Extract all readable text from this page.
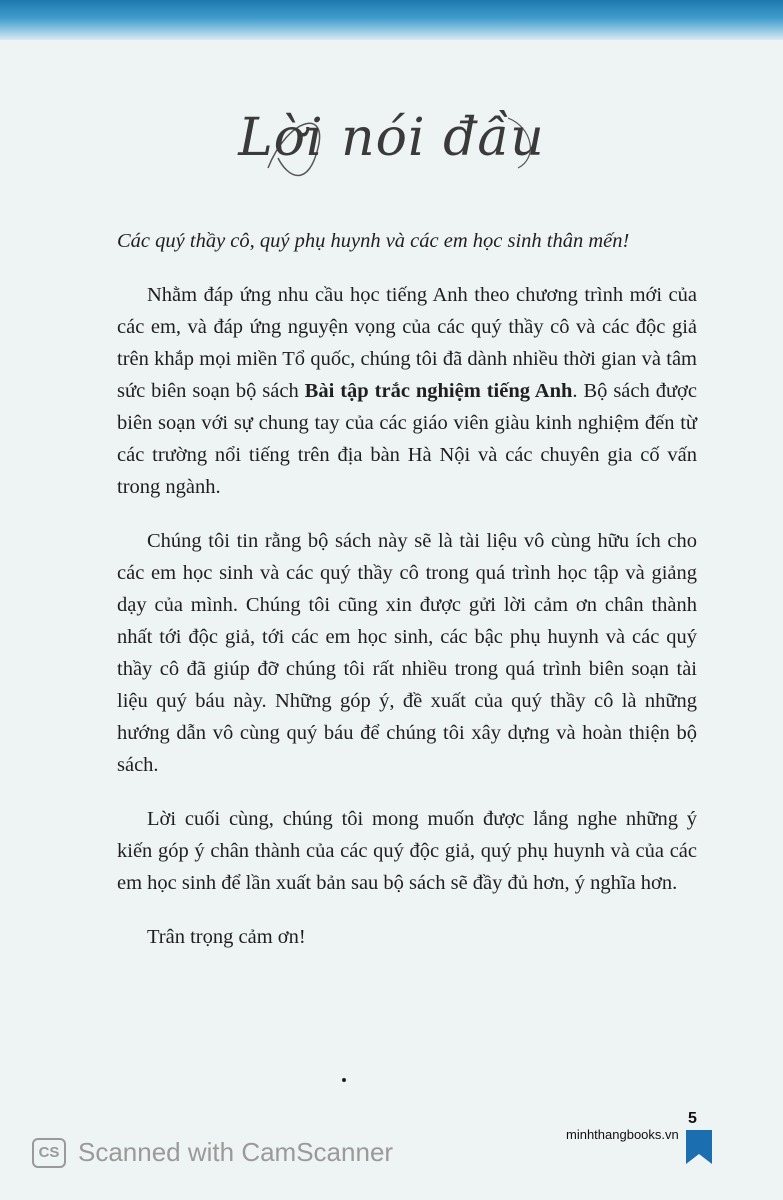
Lời nói đầu

Các quý thầy cô, quý phụ huynh và các em học sinh thân mến!

Nhằm đáp ứng nhu cầu học tiếng Anh theo chương trình mới của các em, và đáp ứng nguyện vọng của các quý thầy cô và các độc giả trên khắp mọi miền Tổ quốc, chúng tôi đã dành nhiều thời gian và tâm sức biên soạn bộ sách Bài tập trắc nghiệm tiếng Anh. Bộ sách được biên soạn với sự chung tay của các giáo viên giàu kinh nghiệm đến từ các trường nổi tiếng trên địa bàn Hà Nội và các chuyên gia cố vấn trong ngành.

Chúng tôi tin rằng bộ sách này sẽ là tài liệu vô cùng hữu ích cho các em học sinh và các quý thầy cô trong quá trình học tập và giảng dạy của mình. Chúng tôi cũng xin được gửi lời cảm ơn chân thành nhất tới độc giả, tới các em học sinh, các bậc phụ huynh và các quý thầy cô đã giúp đỡ chúng tôi rất nhiều trong quá trình biên soạn tài liệu quý báu này. Những góp ý, đề xuất của quý thầy cô là những hướng dẫn vô cùng quý báu để chúng tôi xây dựng và hoàn thiện bộ sách.

Lời cuối cùng, chúng tôi mong muốn được lắng nghe những ý kiến góp ý chân thành của các quý độc giả, quý phụ huynh và của các em học sinh để lần xuất bản sau bộ sách sẽ đầy đủ hơn, ý nghĩa hơn.

Trân trọng cảm ơn!

minhthangbooks.vn
5
CS Scanned with CamScanner
